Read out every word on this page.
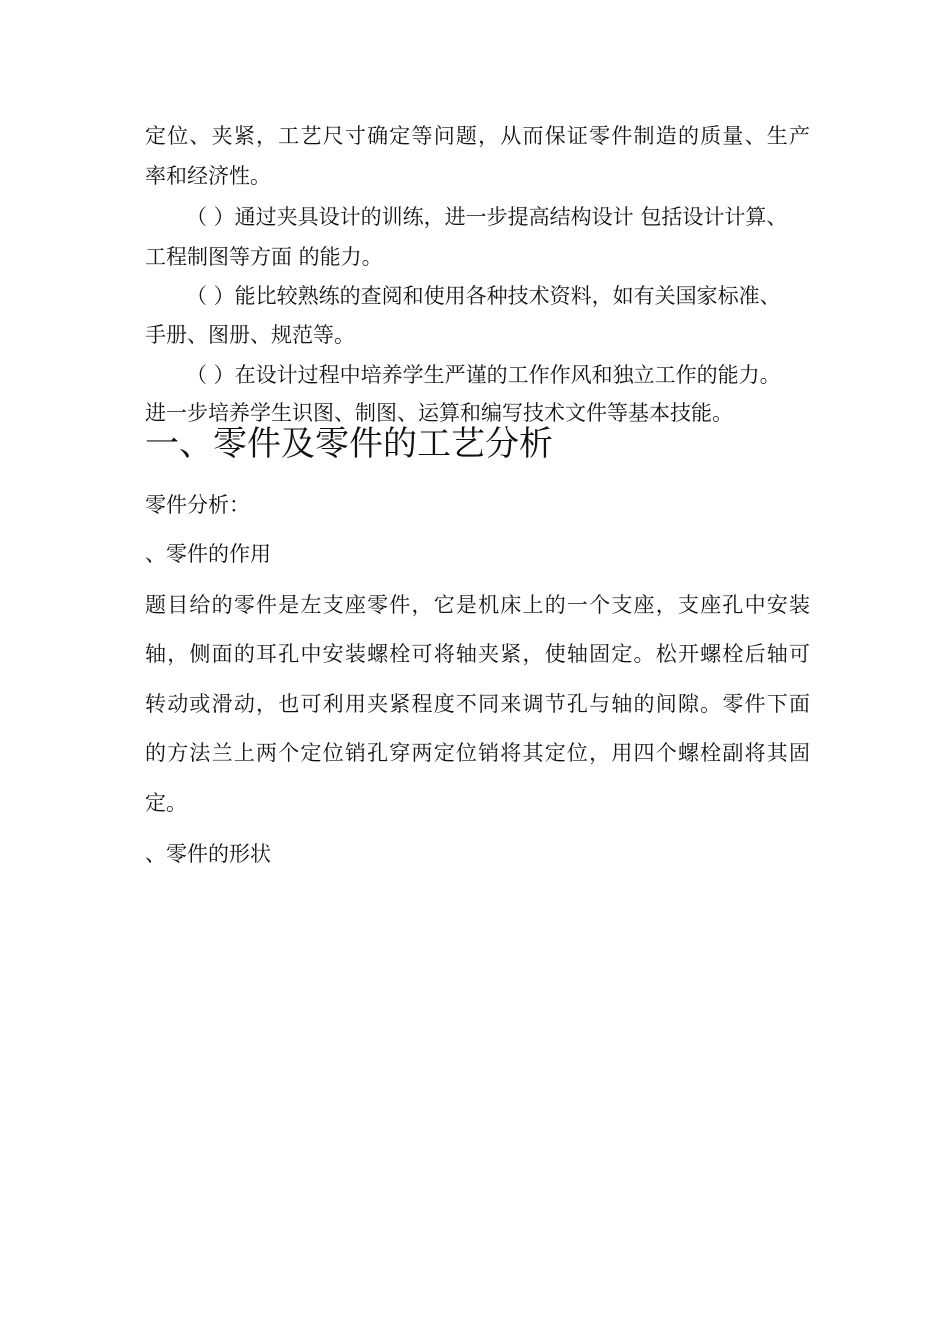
定位、夹紧，工艺尺寸确定等问题，从而保证零件制造的质量、生产
率和经济性。
（ ）通过夹具设计的训练，进一步提高结构设计 包括设计计算、
工程制图等方面 的能力。
（ ）能比较熟练的查阅和使用各种技术资料，如有关国家标准、
手册、图册、规范等。
（ ）在设计过程中培养学生严谨的工作作风和独立工作的能力。
进一步培养学生识图、制图、运算和编写技术文件等基本技能。
一、零件及零件的工艺分析
零件分析：
、零件的作用
题目给的零件是左支座零件，它是机床上的一个支座，支座孔中安装
轴，侧面的耳孔中安装螺栓可将轴夹紧，使轴固定。松开螺栓后轴可
转动或滑动，也可利用夹紧程度不同来调节孔与轴的间隙。零件下面
的方法兰上两个定位销孔穿两定位销将其定位，用四个螺栓副将其固
定。
、零件的形状
